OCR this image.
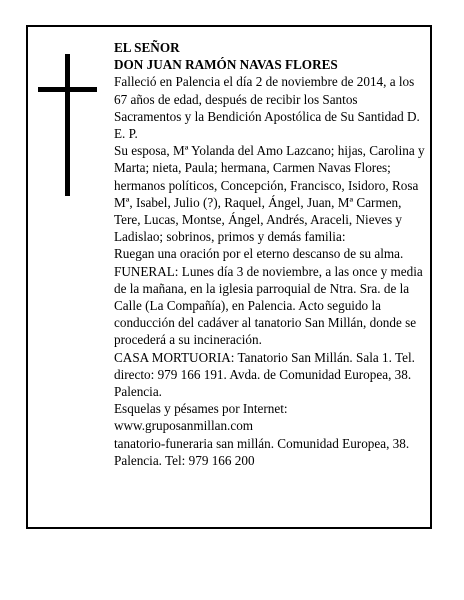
EL SEÑOR

DON JUAN RAMÓN NAVAS FLORES

Falleció en Palencia el día 2 de noviembre de 2014, a los 67 años de edad, después de recibir los Santos Sacramentos y la Bendición Apostólica de Su Santidad D. E. P.

Su esposa, Mª Yolanda del Amo Lazcano; hijas, Carolina y Marta; nieta, Paula; hermana, Carmen Navas Flores; hermanos políticos, Concepción, Francisco, Isidoro, Rosa Mª, Isabel, Julio (?), Raquel, Ángel, Juan, Mª Carmen, Tere, Lucas, Montse, Ángel, Andrés, Araceli, Nieves y Ladislao; sobrinos, primos y demás familia:

Ruegan una oración por el eterno descanso de su alma.

FUNERAL: Lunes día 3 de noviembre, a las once y media de la mañana, en la iglesia parroquial de Ntra. Sra. de la Calle (La Compañía), en Palencia. Acto seguido la conducción del cadáver al tanatorio San Millán, donde se procederá a su incineración.

CASA MORTUORIA: Tanatorio San Millán. Sala 1. Tel. directo: 979 166 191. Avda. de Comunidad Europea, 38. Palencia.

Esquelas y pésames por Internet:

www.gruposanmillan.com

tanatorio-funeraria san millán. Comunidad Europea, 38. Palencia. Tel: 979 166 200
